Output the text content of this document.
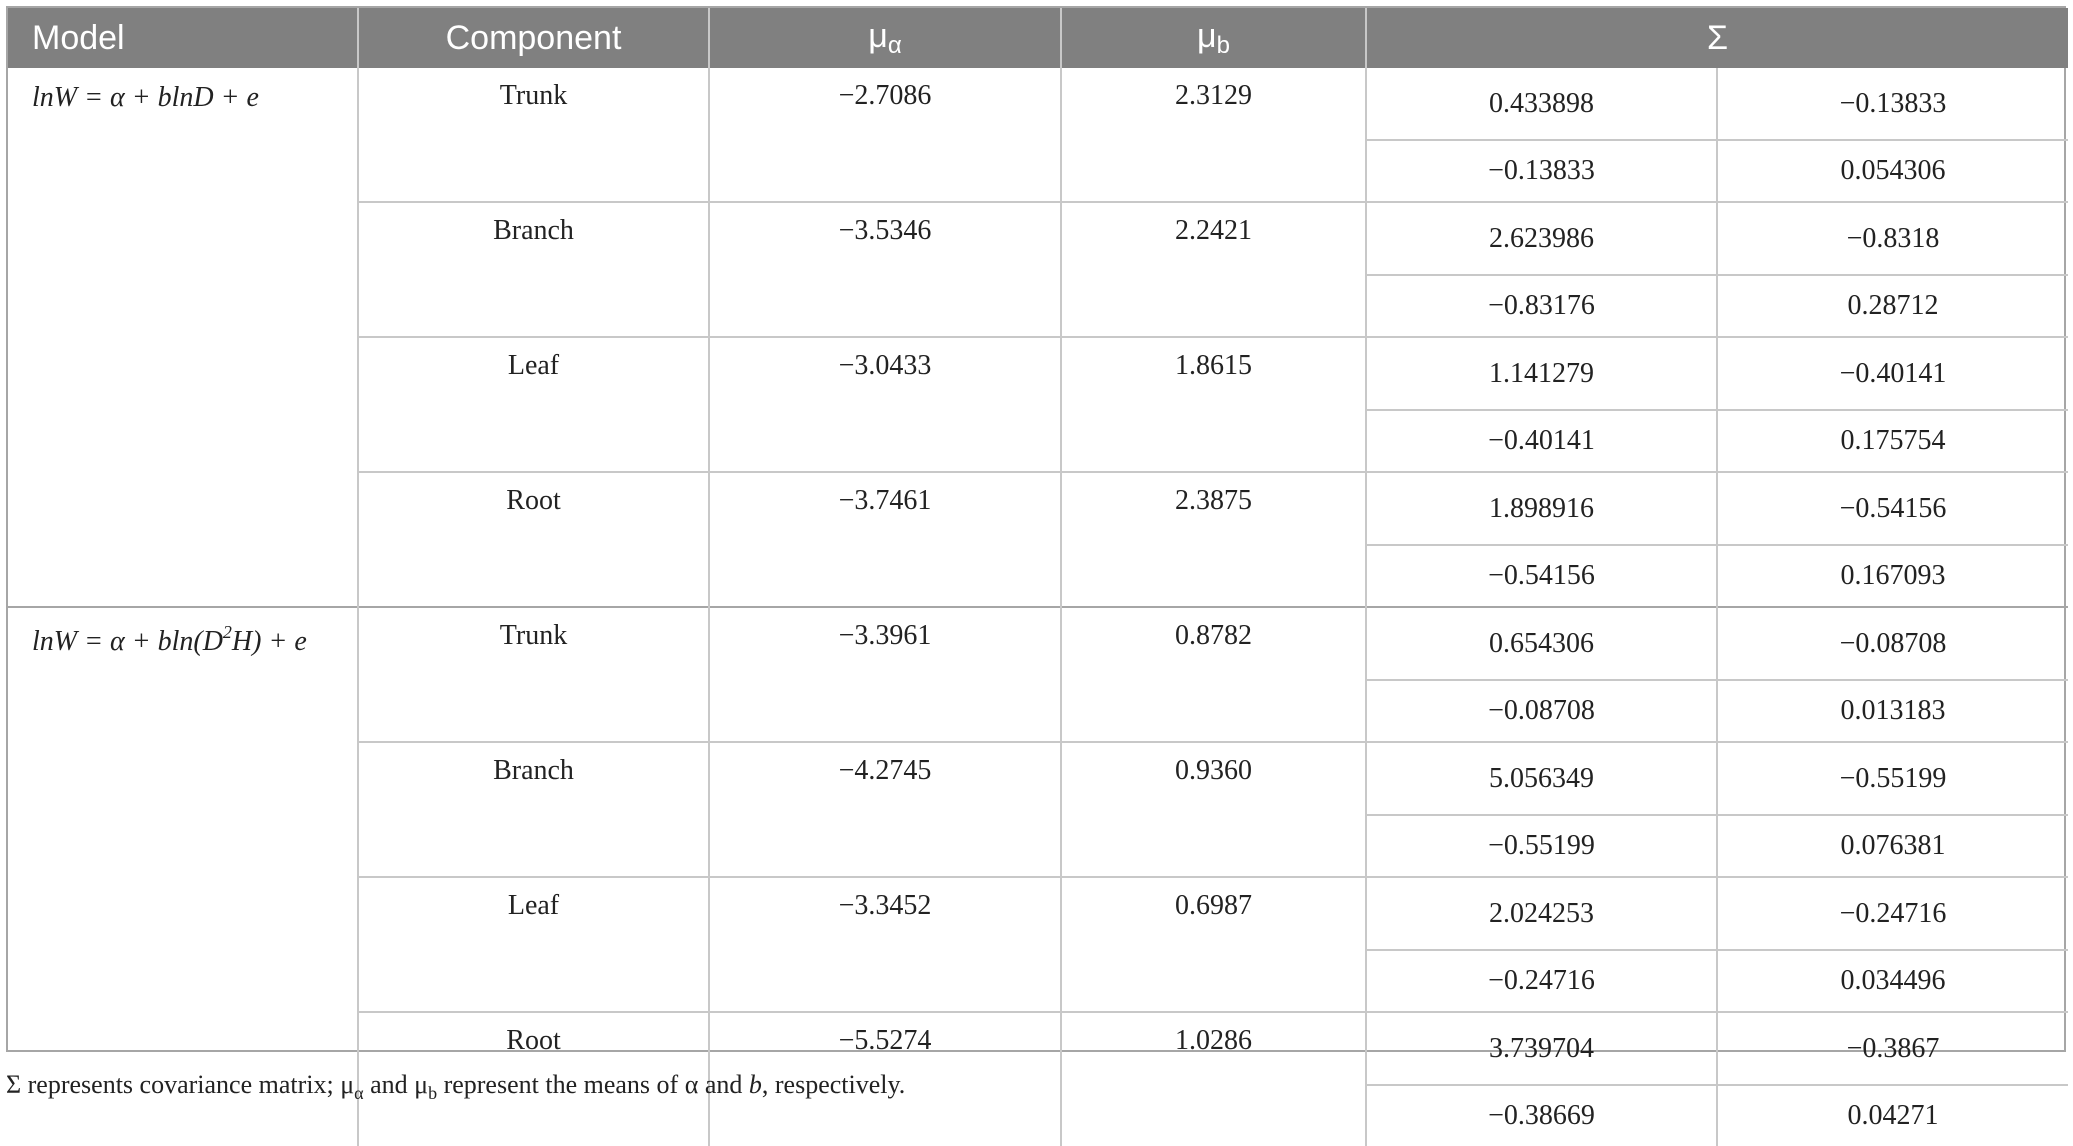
Model	Component	μα	μb	Σ	
lnW = α + blnD + e	Trunk	−2.7086	2.3129	0.433898	−0.13833
				−0.13833	0.054306
	Branch	−3.5346	2.2421	2.623986	−0.8318
				−0.83176	0.28712
	Leaf	−3.0433	1.8615	1.141279	−0.40141
				−0.40141	0.175754
	Root	−3.7461	2.3875	1.898916	−0.54156
				−0.54156	0.167093
$\ln W = \alpha + bln(D^2H) + e$	Trunk	−3.3961	0.8782	0.654306	−0.08708
				−0.08708	0.013183
	Branch	−4.2745	0.9360	5.056349	−0.55199
				−0.55199	0.076381
	Leaf	−3.3452	0.6987	2.024253	−0.24716
				−0.24716	0.034496
	Root	−5.5274	1.0286	3.739704	−0.3867
				−0.38669	0.04271
Σ represents covariance matrix; $\mu_\alpha$ and $\mu_b$ represent the means of α and b, respectively.
